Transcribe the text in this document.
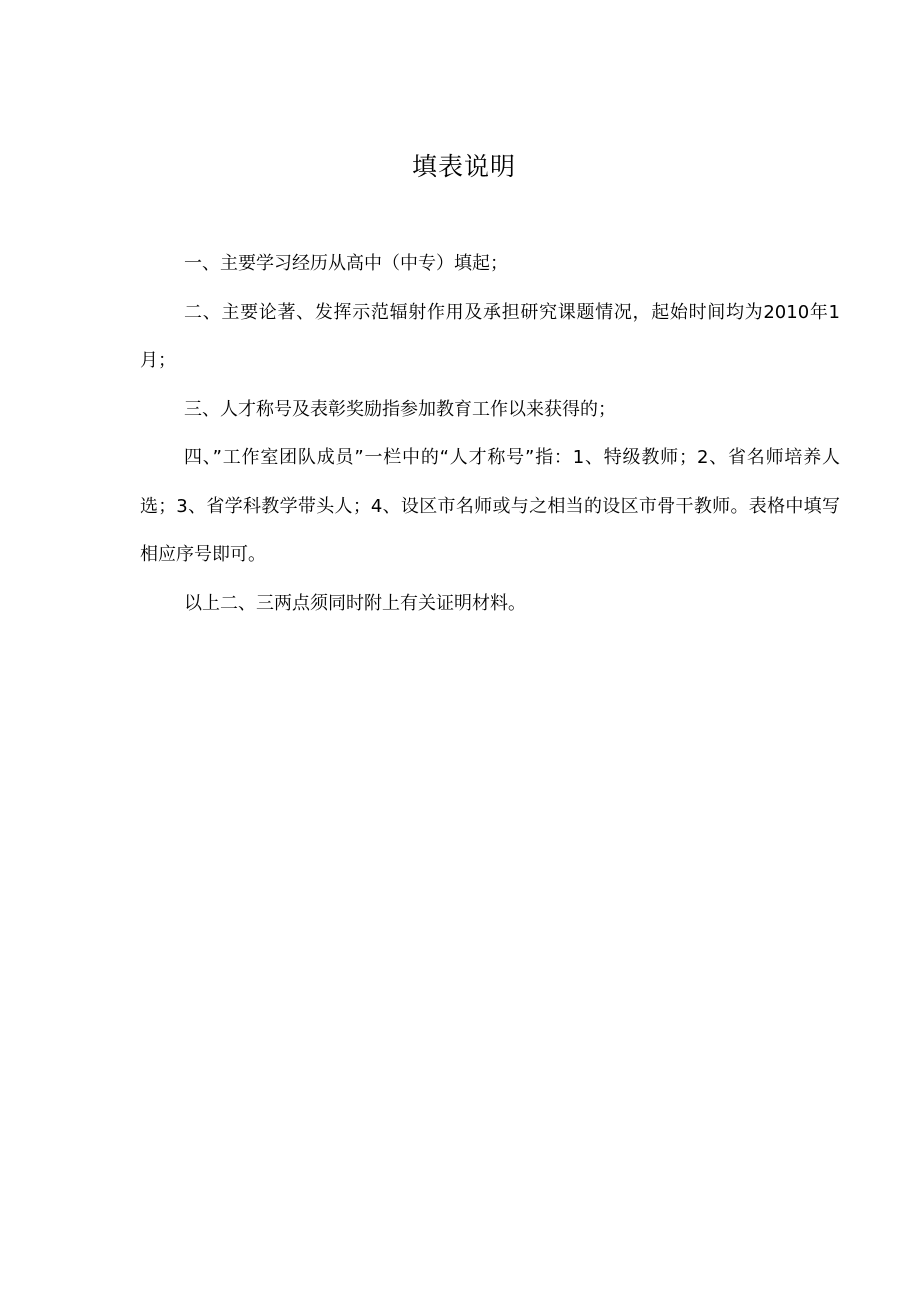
填表说明

一、主要学习经历从高中（中专）填起；

二、主要论著、发挥示范辐射作用及承担研究课题情况，起始时间均为2010年1月；

三、人才称号及表彰奖励指参加教育工作以来获得的；

四、”工作室团队成员”一栏中的“人才称号”指：1、特级教师；2、省名师培养人选；3、省学科教学带头人；4、设区市名师或与之相当的设区市骨干教师。表格中填写相应序号即可。

以上二、三两点须同时附上有关证明材料。
